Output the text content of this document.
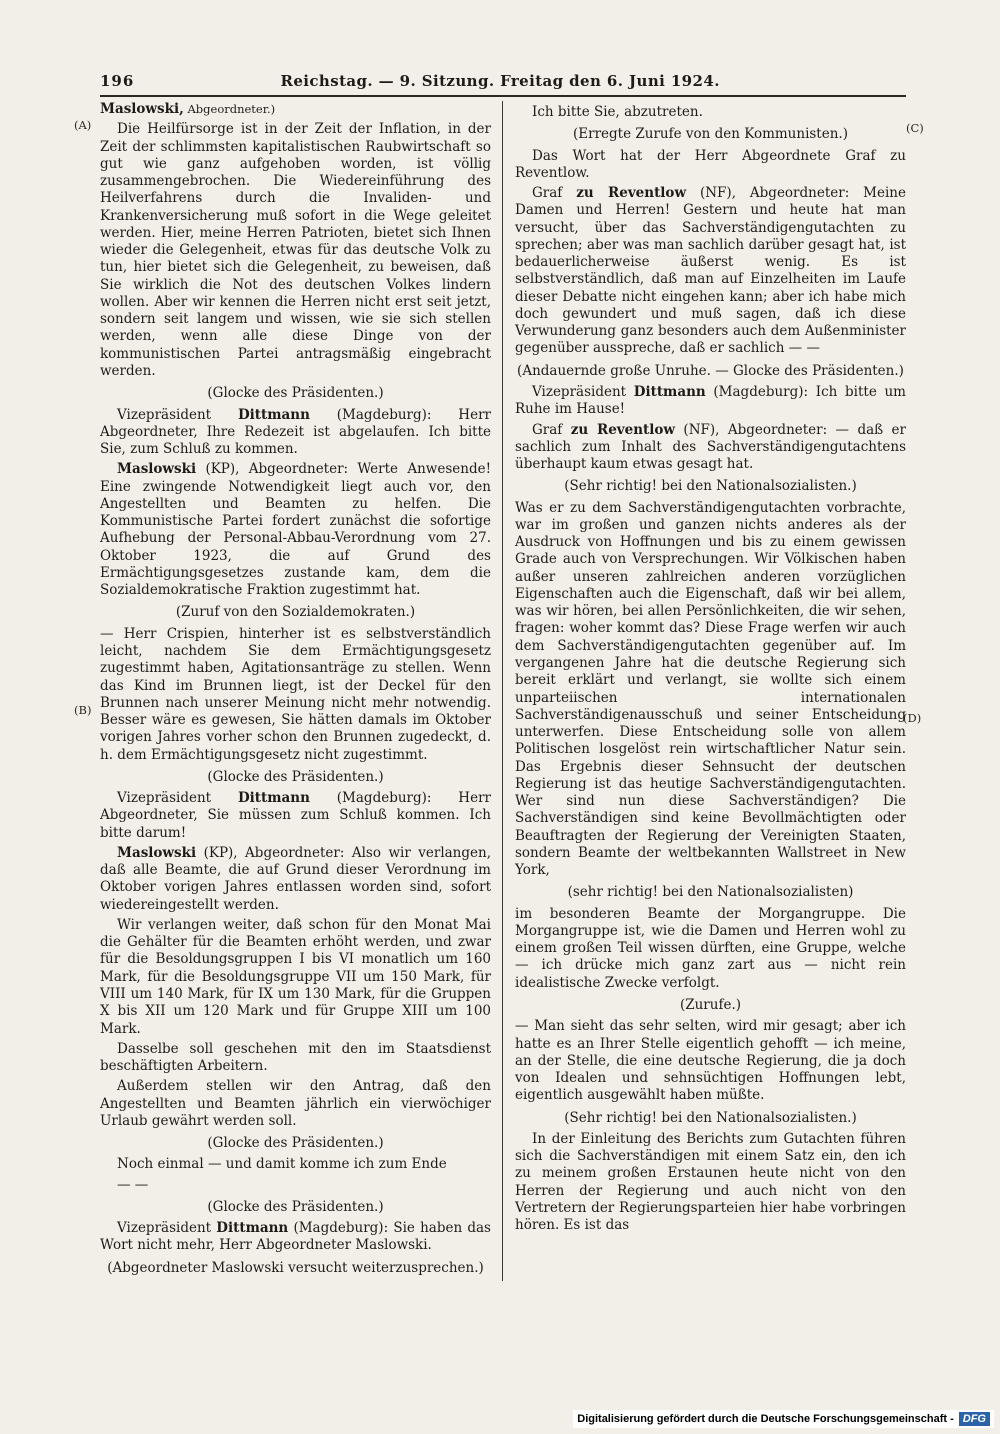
196	Reichstag. — 9. Sitzung. Freitag den 6. Juni 1924.
(A)
(B)
(C)
(D)

Maslowski, Abgeordneter.)

Die Heilfürsorge ist in der Zeit der Inflation, in der Zeit der schlimmsten kapitalistischen Raubwirtschaft so gut wie ganz aufgehoben worden, ist völlig zusammengebrochen. Die Wiedereinführung des Heilverfahrens durch die Invaliden- und Krankenversicherung muß sofort in die Wege geleitet werden. Hier, meine Herren Patrioten, bietet sich Ihnen wieder die Gelegenheit, etwas für das deutsche Volk zu tun, hier bietet sich die Gelegenheit, zu beweisen, daß Sie wirklich die Not des deutschen Volkes lindern wollen. Aber wir kennen die Herren nicht erst seit jetzt, sondern seit langem und wissen, wie sie sich stellen werden, wenn alle diese Dinge von der kommunistischen Partei antragsmäßig eingebracht werden.

(Glocke des Präsidenten.)

Vizepräsident Dittmann (Magdeburg): Herr Abgeordneter, Ihre Redezeit ist abgelaufen. Ich bitte Sie, zum Schluß zu kommen.

Maslowski (KP), Abgeordneter: Werte Anwesende! Eine zwingende Notwendigkeit liegt auch vor, den Angestellten und Beamten zu helfen. Die Kommunistische Partei fordert zunächst die sofortige Aufhebung der Personal-Abbau-Verordnung vom 27. Oktober 1923, die auf Grund des Ermächtigungsgesetzes zustande kam, dem die Sozialdemokratische Fraktion zugestimmt hat.

(Zuruf von den Sozialdemokraten.)

— Herr Crispien, hinterher ist es selbstverständlich leicht, nachdem Sie dem Ermächtigungsgesetz zugestimmt haben, Agitationsanträge zu stellen. Wenn das Kind im Brunnen liegt, ist der Deckel für den Brunnen nach unserer Meinung nicht mehr notwendig. Besser wäre es gewesen, Sie hätten damals im Oktober vorigen Jahres vorher schon den Brunnen zugedeckt, d. h. dem Ermächtigungsgesetz nicht zugestimmt.

(Glocke des Präsidenten.)

Vizepräsident Dittmann (Magdeburg): Herr Abgeordneter, Sie müssen zum Schluß kommen. Ich bitte darum!

Maslowski (KP), Abgeordneter: Also wir verlangen, daß alle Beamte, die auf Grund dieser Verordnung im Oktober vorigen Jahres entlassen worden sind, sofort wiedereingestellt werden.

Wir verlangen weiter, daß schon für den Monat Mai die Gehälter für die Beamten erhöht werden, und zwar für die Besoldungsgruppen I bis VI monatlich um 160 Mark, für die Besoldungsgruppe VII um 150 Mark, für VIII um 140 Mark, für IX um 130 Mark, für die Gruppen X bis XII um 120 Mark und für Gruppe XIII um 100 Mark.

Dasselbe soll geschehen mit den im Staatsdienst beschäftigten Arbeitern.

Außerdem stellen wir den Antrag, daß den Angestellten und Beamten jährlich ein vierwöchiger Urlaub gewährt werden soll.

(Glocke des Präsidenten.)

Noch einmal — und damit komme ich zum Ende

— —

(Glocke des Präsidenten.)

Vizepräsident Dittmann (Magdeburg): Sie haben das Wort nicht mehr, Herr Abgeordneter Maslowski.

(Abgeordneter Maslowski versucht weiterzusprechen.)

Ich bitte Sie, abzutreten.

(Erregte Zurufe von den Kommunisten.)

Das Wort hat der Herr Abgeordnete Graf zu Reventlow.

Graf zu Reventlow (NF), Abgeordneter: Meine Damen und Herren! Gestern und heute hat man versucht, über das Sachverständigengutachten zu sprechen; aber was man sachlich darüber gesagt hat, ist bedauerlicherweise äußerst wenig. Es ist selbstverständlich, daß man auf Einzelheiten im Laufe dieser Debatte nicht eingehen kann; aber ich habe mich doch gewundert und muß sagen, daß ich diese Verwunderung ganz besonders auch dem Außenminister gegenüber ausspreche, daß er sachlich — —

(Andauernde große Unruhe. — Glocke des Präsidenten.)

Vizepräsident Dittmann (Magdeburg): Ich bitte um Ruhe im Hause!

Graf zu Reventlow (NF), Abgeordneter: — daß er sachlich zum Inhalt des Sachverständigengutachtens überhaupt kaum etwas gesagt hat.

(Sehr richtig! bei den Nationalsozialisten.)

Was er zu dem Sachverständigengutachten vorbrachte, war im großen und ganzen nichts anderes als der Ausdruck von Hoffnungen und bis zu einem gewissen Grade auch von Versprechungen. Wir Völkischen haben außer unseren zahlreichen anderen vorzüglichen Eigenschaften auch die Eigenschaft, daß wir bei allem, was wir hören, bei allen Persönlichkeiten, die wir sehen, fragen: woher kommt das? Diese Frage werfen wir auch dem Sachverständigengutachten gegenüber auf. Im vergangenen Jahre hat die deutsche Regierung sich bereit erklärt und verlangt, sie wollte sich einem unparteiischen internationalen Sachverständigenausschuß und seiner Entscheidung unterwerfen. Diese Entscheidung solle von allem Politischen losgelöst rein wirtschaftlicher Natur sein. Das Ergebnis dieser Sehnsucht der deutschen Regierung ist das heutige Sachverständigengutachten. Wer sind nun diese Sachverständigen? Die Sachverständigen sind keine Bevollmächtigten oder Beauftragten der Regierung der Vereinigten Staaten, sondern Beamte der weltbekannten Wallstreet in New York,

(sehr richtig! bei den Nationalsozialisten)

im besonderen Beamte der Morgangruppe. Die Morgangruppe ist, wie die Damen und Herren wohl zu einem großen Teil wissen dürften, eine Gruppe, welche — ich drücke mich ganz zart aus — nicht rein idealistische Zwecke verfolgt.

(Zurufe.)

— Man sieht das sehr selten, wird mir gesagt; aber ich hatte es an Ihrer Stelle eigentlich gehofft — ich meine, an der Stelle, die eine deutsche Regierung, die ja doch von Idealen und sehnsüchtigen Hoffnungen lebt, eigentlich ausgewählt haben müßte.

(Sehr richtig! bei den Nationalsozialisten.)

In der Einleitung des Berichts zum Gutachten führen sich die Sachverständigen mit einem Satz ein, den ich zu meinem großen Erstaunen heute nicht von den Herren der Regierung und auch nicht von den Vertretern der Regierungsparteien hier habe vorbringen hören. Es ist das

Digitalisierung gefördert durch die Deutsche Forschungsgemeinschaft - DFG
